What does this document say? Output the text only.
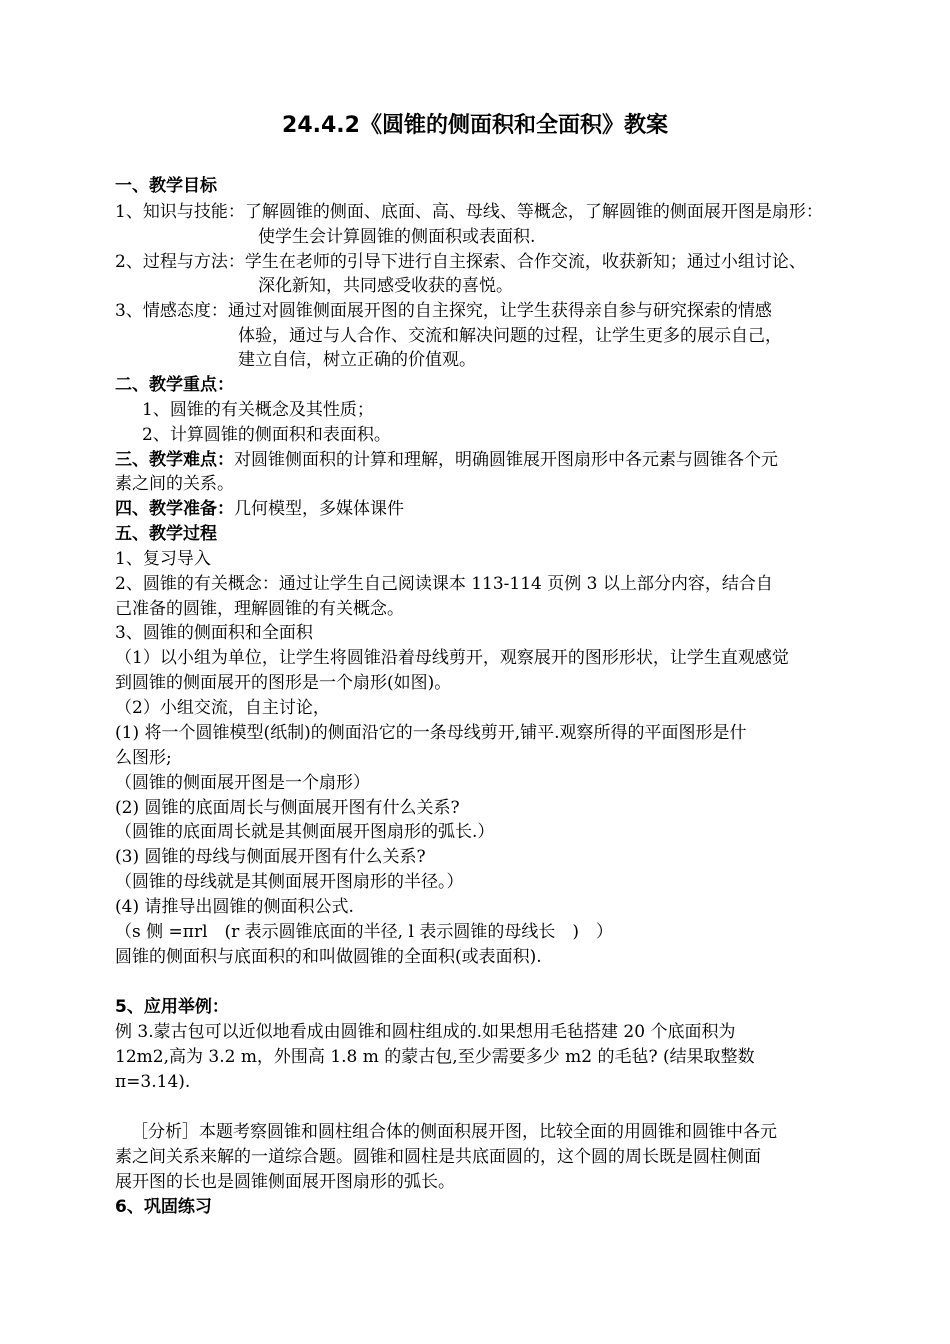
24.4.2《圆锥的侧面积和全面积》教案
一、教学目标
1、知识与技能：了解圆锥的侧面、底面、高、母线、等概念，了解圆锥的侧面展开图是扇形：
使学生会计算圆锥的侧面积或表面积.
2、过程与方法：学生在老师的引导下进行自主探索、合作交流，收获新知；通过小组讨论、
深化新知，共同感受收获的喜悦。
3、情感态度：通过对圆锥侧面展开图的自主探究，让学生获得亲自参与研究探索的情感
体验，通过与人合作、交流和解决问题的过程，让学生更多的展示自己，
建立自信，树立正确的价值观。
二、教学重点：
1、圆锥的有关概念及其性质；
2、计算圆锥的侧面积和表面积。
三、教学难点：对圆锥侧面积的计算和理解，明确圆锥展开图扇形中各元素与圆锥各个元
素之间的关系。
四、教学准备：几何模型，多媒体课件
五、教学过程
1、复习导入
2、圆锥的有关概念：通过让学生自己阅读课本 113-114 页例 3 以上部分内容，结合自
己准备的圆锥，理解圆锥的有关概念。
3、圆锥的侧面积和全面积
（1）以小组为单位，让学生将圆锥沿着母线剪开，观察展开的图形形状，让学生直观感觉
到圆锥的侧面展开的图形是一个扇形(如图)。
（2）小组交流，自主讨论，
(1) 将一个圆锥模型(纸制)的侧面沿它的一条母线剪开,铺平.观察所得的平面图形是什
么图形;
（圆锥的侧面展开图是一个扇形）
(2) 圆锥的底面周长与侧面展开图有什么关系?
（圆锥的底面周长就是其侧面展开图扇形的弧长.）
(3) 圆锥的母线与侧面展开图有什么关系?
（圆锥的母线就是其侧面展开图扇形的半径。）
(4) 请推导出圆锥的侧面积公式.
（s 侧 =πrl　(r 表示圆锥底面的半径, l 表示圆锥的母线长　)　）
圆锥的侧面积与底面积的和叫做圆锥的全面积(或表面积).
5、应用举例：
例 3.蒙古包可以近似地看成由圆锥和圆柱组成的.如果想用毛毡搭建 20 个底面积为
12m2,高为 3.2 m，外围高 1.8 m 的蒙古包,至少需要多少 m2 的毛毡? (结果取整数
π=3.14).
［分析］本题考察圆锥和圆柱组合体的侧面积展开图，比较全面的用圆锥和圆锥中各元
素之间关系来解的一道综合题。圆锥和圆柱是共底面圆的，这个圆的周长既是圆柱侧面
展开图的长也是圆锥侧面展开图扇形的弧长。
6、巩固练习
